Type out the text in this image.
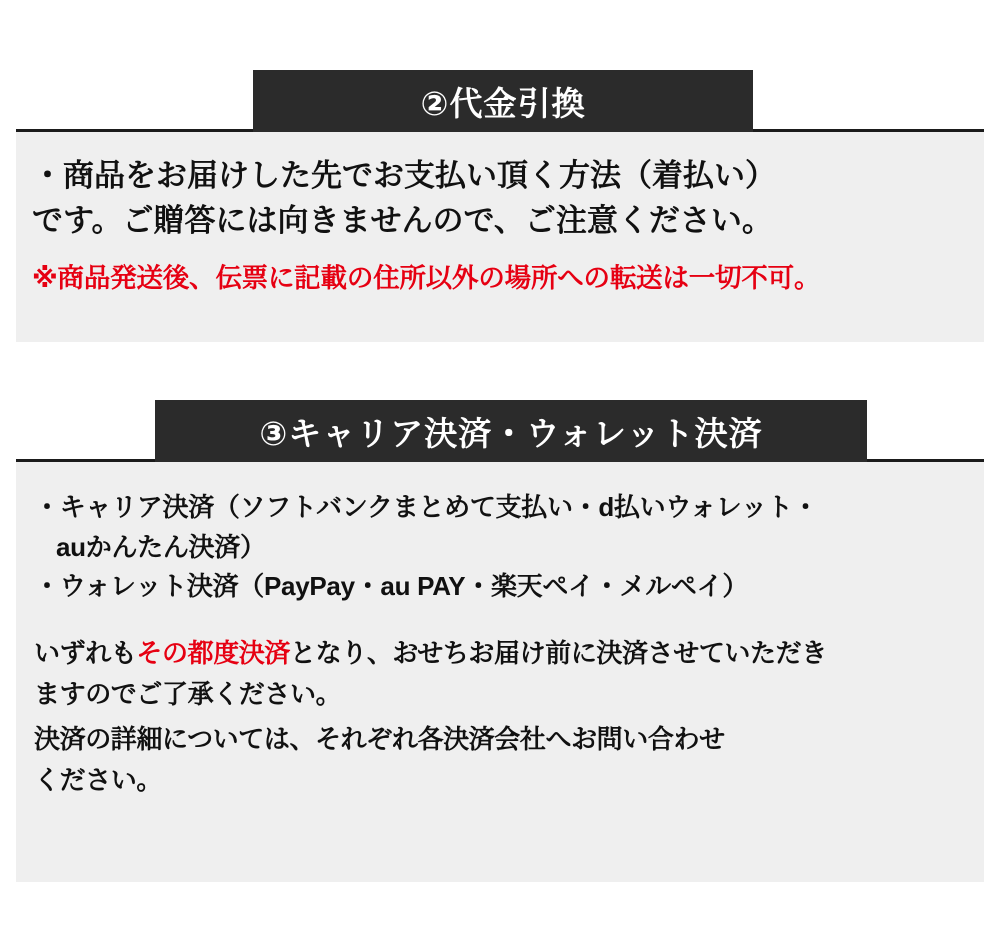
②代金引換

・商品をお届けした先でお支払い頂く方法（着払い）
です。ご贈答には向きませんので、ご注意ください。

※商品発送後、伝票に記載の住所以外の場所への転送は一切不可。

③キャリア決済・ウォレット決済

・キャリア決済（ソフトバンクまとめて支払い・d払いウォレット・
auかんたん決済）

・ウォレット決済（PayPay・au PAY・楽天ペイ・メルペイ）

いずれもその都度決済となり、おせちお届け前に決済させていただき
ますのでご了承ください。

決済の詳細については、それぞれ各決済会社へお問い合わせ
ください。
